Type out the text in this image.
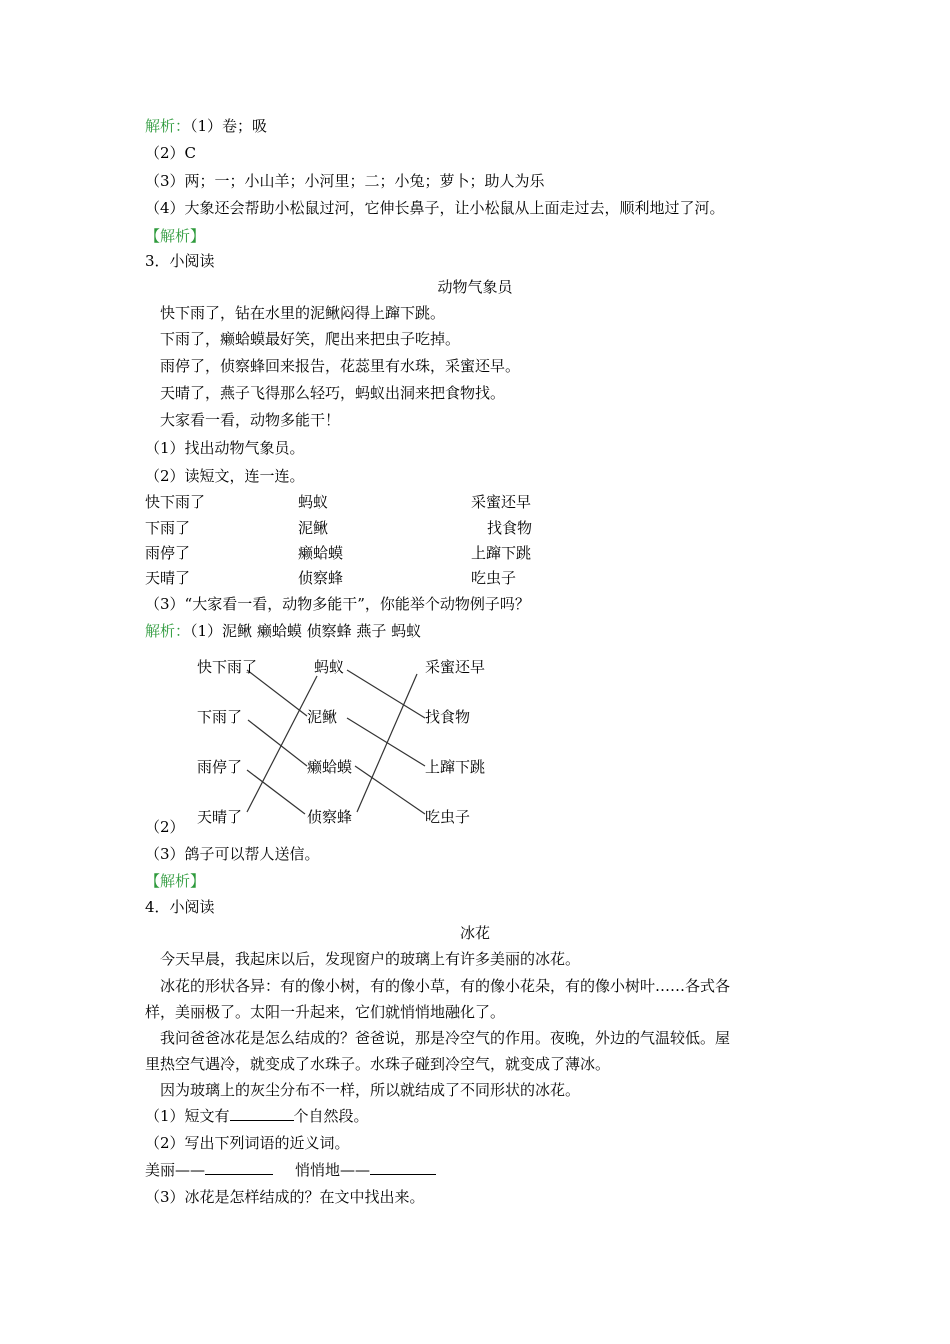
解析：（1）卷；吸
（2）C
（3）两；一；小山羊；小河里；二；小兔；萝卜；助人为乐
（4）大象还会帮助小松鼠过河，它伸长鼻子，让小松鼠从上面走过去，顺利地过了河。
【解析】
3．小阅读
动物气象员
快下雨了，钻在水里的泥鳅闷得上蹿下跳。
下雨了，癞蛤蟆最好笑，爬出来把虫子吃掉。
雨停了，侦察蜂回来报告，花蕊里有水珠，采蜜还早。
天晴了，燕子飞得那么轻巧，蚂蚁出洞来把食物找。
大家看一看，动物多能干！
（1）找出动物气象员。
（2）读短文，连一连。
快下雨了	蚂蚁	采蜜还早
下雨了	泥鳅	找食物
雨停了	癞蛤蟆	上蹿下跳
天晴了	侦察蜂	吃虫子
（3）“大家看一看，动物多能干”，你能举个动物例子吗？
解析：（1）泥鳅 癞蛤蟆 侦察蜂 燕子 蚂蚁
快下雨了
下雨了
雨停了
天晴了
蚂蚁
泥鳅
癞蛤蟆
侦察蜂
采蜜还早
找食物
上蹿下跳
吃虫子
（2）
（3）鸽子可以帮人送信。
【解析】
4．小阅读
冰花
今天早晨，我起床以后，发现窗户的玻璃上有许多美丽的冰花。
冰花的形状各异：有的像小树，有的像小草，有的像小花朵，有的像小树叶……各式各
样，美丽极了。太阳一升起来，它们就悄悄地融化了。
我问爸爸冰花是怎么结成的？爸爸说，那是冷空气的作用。夜晚，外边的气温较低。屋
里热空气遇冷，就变成了水珠子。水珠子碰到冷空气，就变成了薄冰。
因为玻璃上的灰尘分布不一样，所以就结成了不同形状的冰花。
（1）短文有	个自然段。
（2）写出下列词语的近义词。
美丽——	悄悄地——
（3）冰花是怎样结成的？在文中找出来。
